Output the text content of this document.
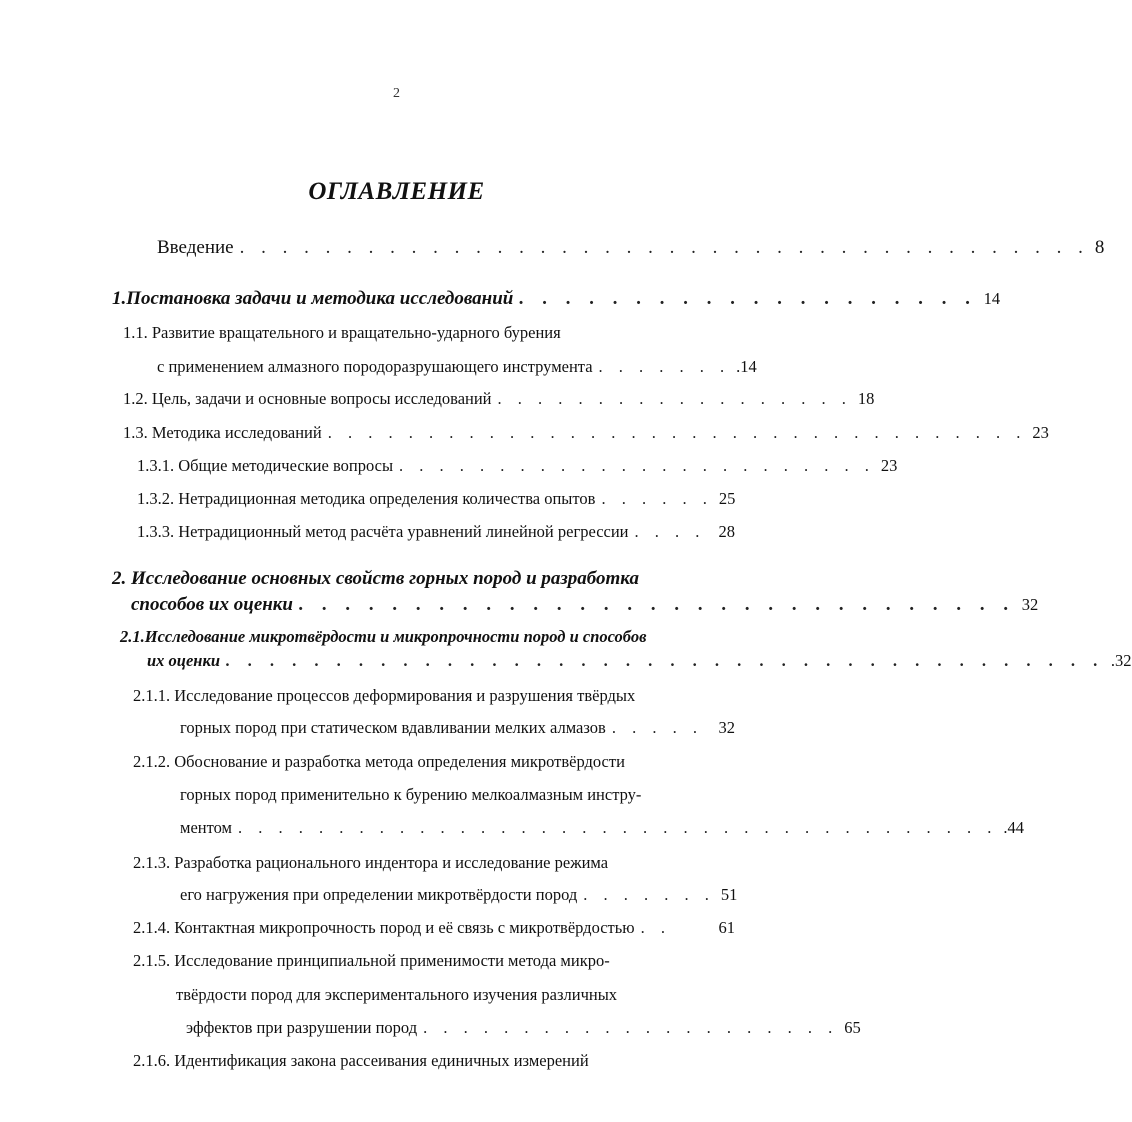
2
ОГЛАВЛЕНИЕ
Введение . . . . . . . . . . . . . . . . . . . . . . . . . . . . . . . . . . . . . . . . 8
1.Постановка задачи и методика исследований . . . . . . . . . . . . . . . . . . . . 14
1.1. Развитие вращательного и вращательно-ударного бурения
с применением алмазного породоразрушающего инструмента . . . . . . . .14
1.2. Цель, задачи и основные вопросы исследований . . . . . . . . . . . . . . . . . . 18
1.3. Методика исследований . . . . . . . . . . . . . . . . . . . . . . . . . . . . . . . . . . . 23
1.3.1. Общие методические вопросы . . . . . . . . . . . . . . . . . . . . . . . . 23
1.3.2. Нетрадиционная методика определения количества опытов . . . . . . 25
1.3.3. Нетрадиционный метод расчёта уравнений линейной регрессии . . . . 28
2. Исследование основных свойств горных пород и разработка
способов их оценки . . . . . . . . . . . . . . . . . . . . . . . . . . . . . . . 32
2.1.Исследование микротвёрдости и микропрочности пород и способов
их оценки . . . . . . . . . . . . . . . . . . . . . . . . . . . . . . . . . . . . . . . . .32
2.1.1. Исследование процессов деформирования и разрушения твёрдых
горных пород при статическом вдавливании мелких алмазов . . . . . 32
2.1.2. Обоснование и разработка метода определения микротвёрдости
горных пород применительно к бурению мелкоалмазным инстру-
ментом . . . . . . . . . . . . . . . . . . . . . . . . . . . . . . . . . . . . . . .44
2.1.3. Разработка рационального индентора и исследование режима
его нагружения при определении микротвёрдости пород . . . . . . . 51
2.1.4. Контактная микропрочность пород и её связь с микротвёрдостью . .	61
2.1.5. Исследование принципиальной применимости метода микро-
твёрдости пород для экспериментального изучения различных
эффектов при разрушении пород . . . . . . . . . . . . . . . . . . . . . 65
2.1.6. Идентификация закона рассеивания единичных измерений
